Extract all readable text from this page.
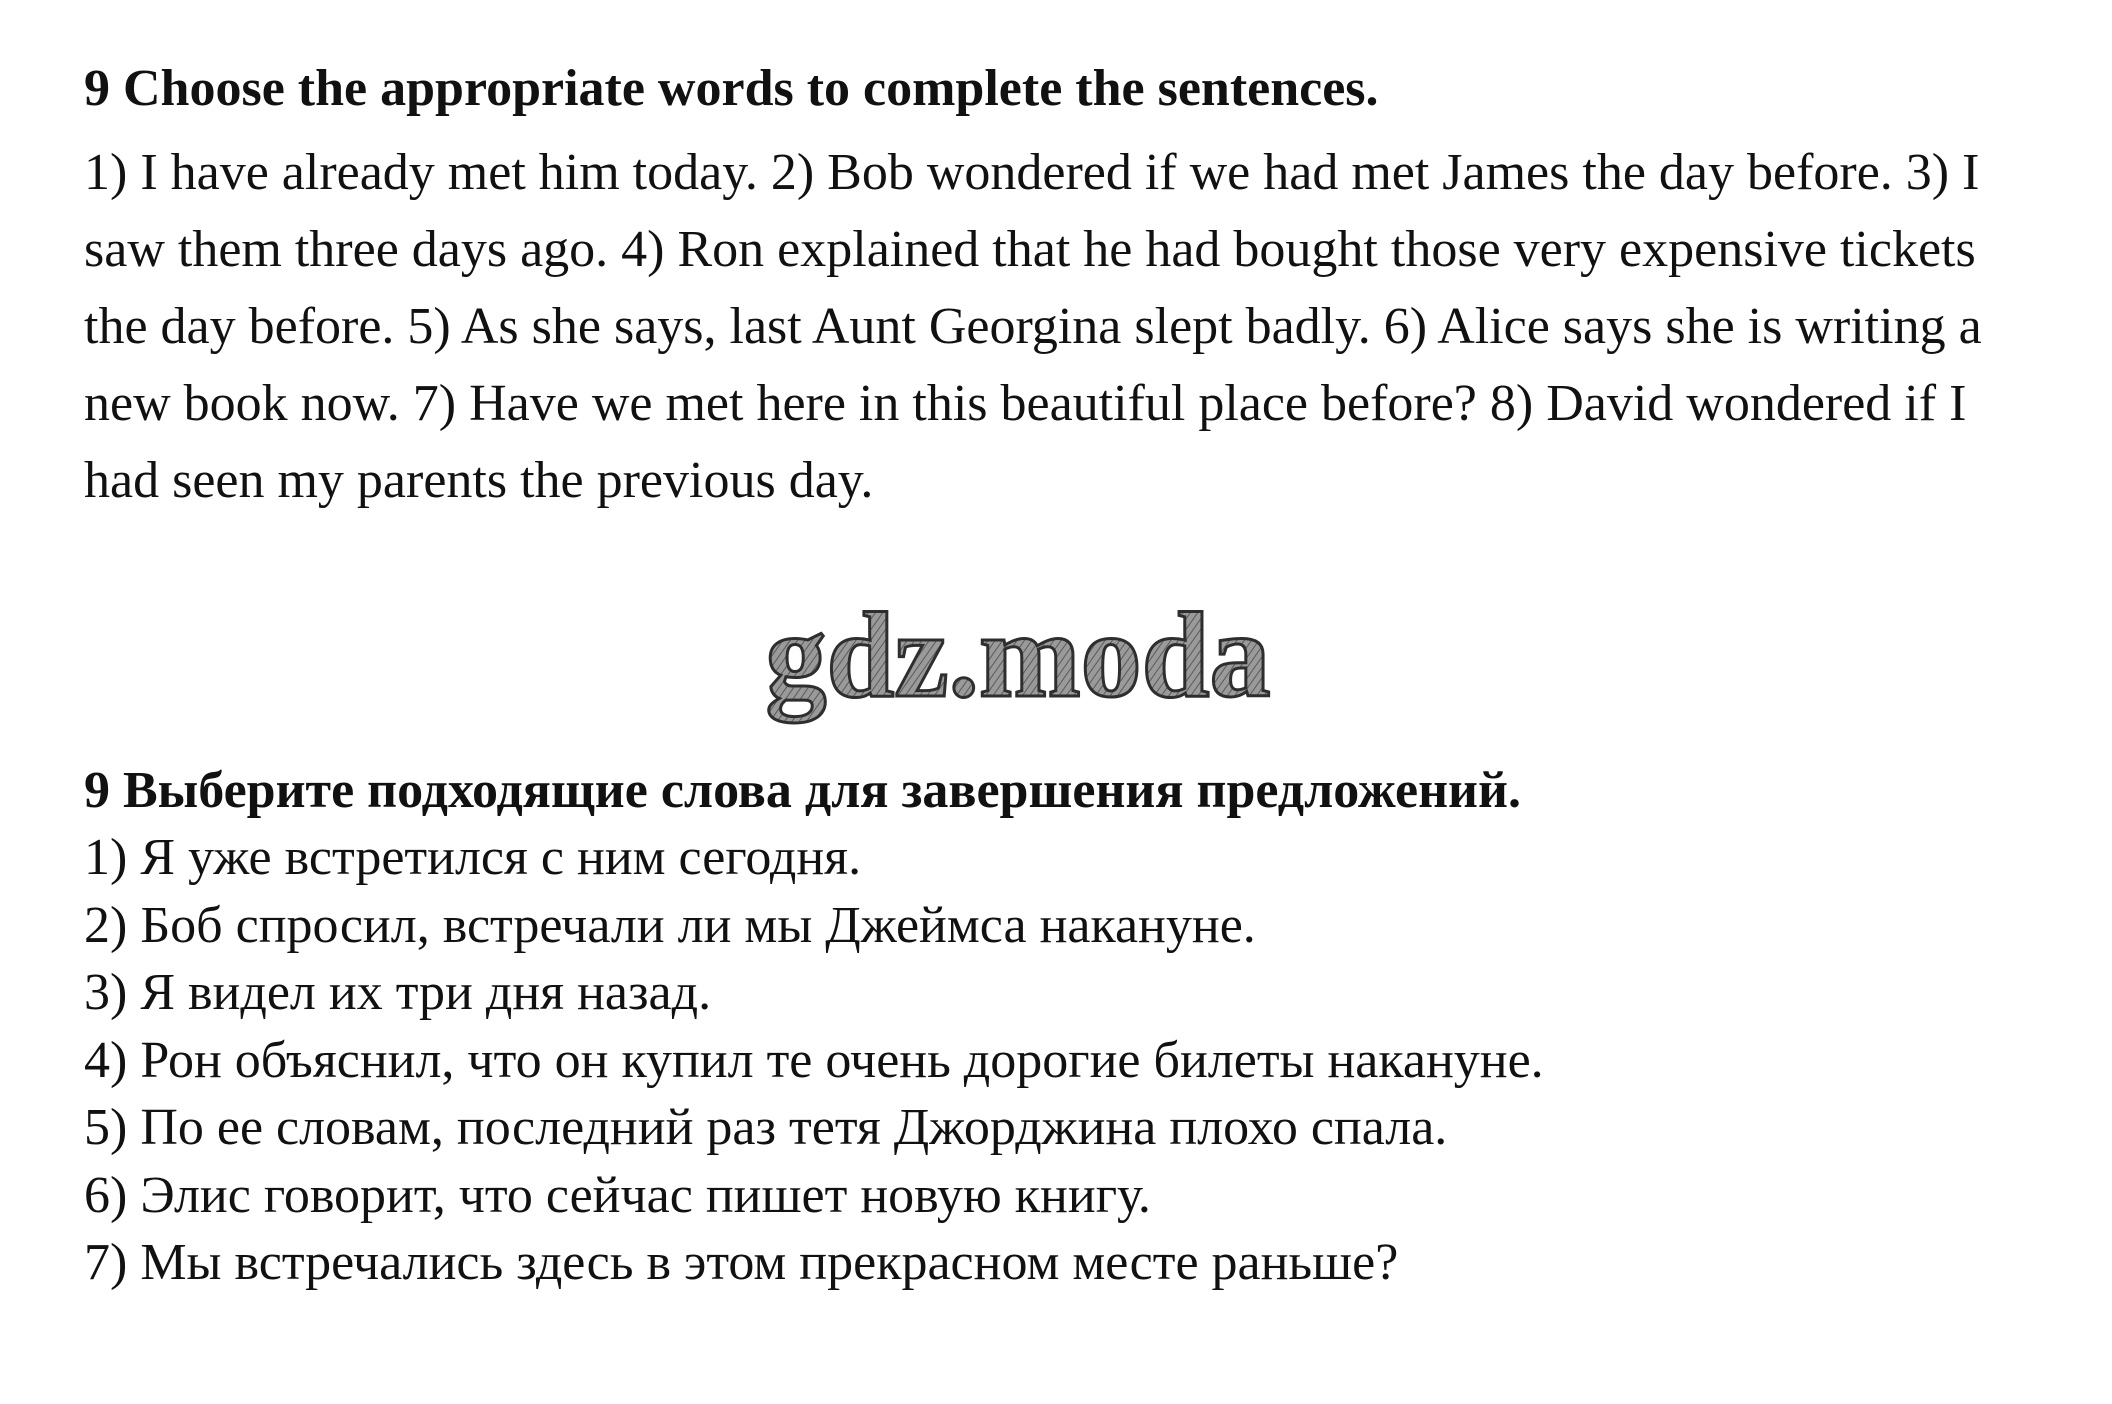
9 Choose the appropriate words to complete the sentences.

1) I have already met him today. 2) Bob wondered if we had met James the day before. 3) I saw them three days ago. 4) Ron explained that he had bought those very expensive tickets the day before. 5) As she says, last Aunt Georgina slept badly. 6) Alice says she is writing a new book now. 7) Have we met here in this beautiful place before? 8) David wondered if I had seen my parents the previous day.

gdz.moda

9 Выберите подходящие слова для завершения предложений.

1) Я уже встретился с ним сегодня.
2) Боб спросил, встречали ли мы Джеймса накануне.
3) Я видел их три дня назад.
4) Рон объяснил, что он купил те очень дорогие билеты накануне.
5) По ее словам, последний раз тетя Джорджина плохо спала.
6) Элис говорит, что сейчас пишет новую книгу.
7) Мы встречались здесь в этом прекрасном месте раньше?
